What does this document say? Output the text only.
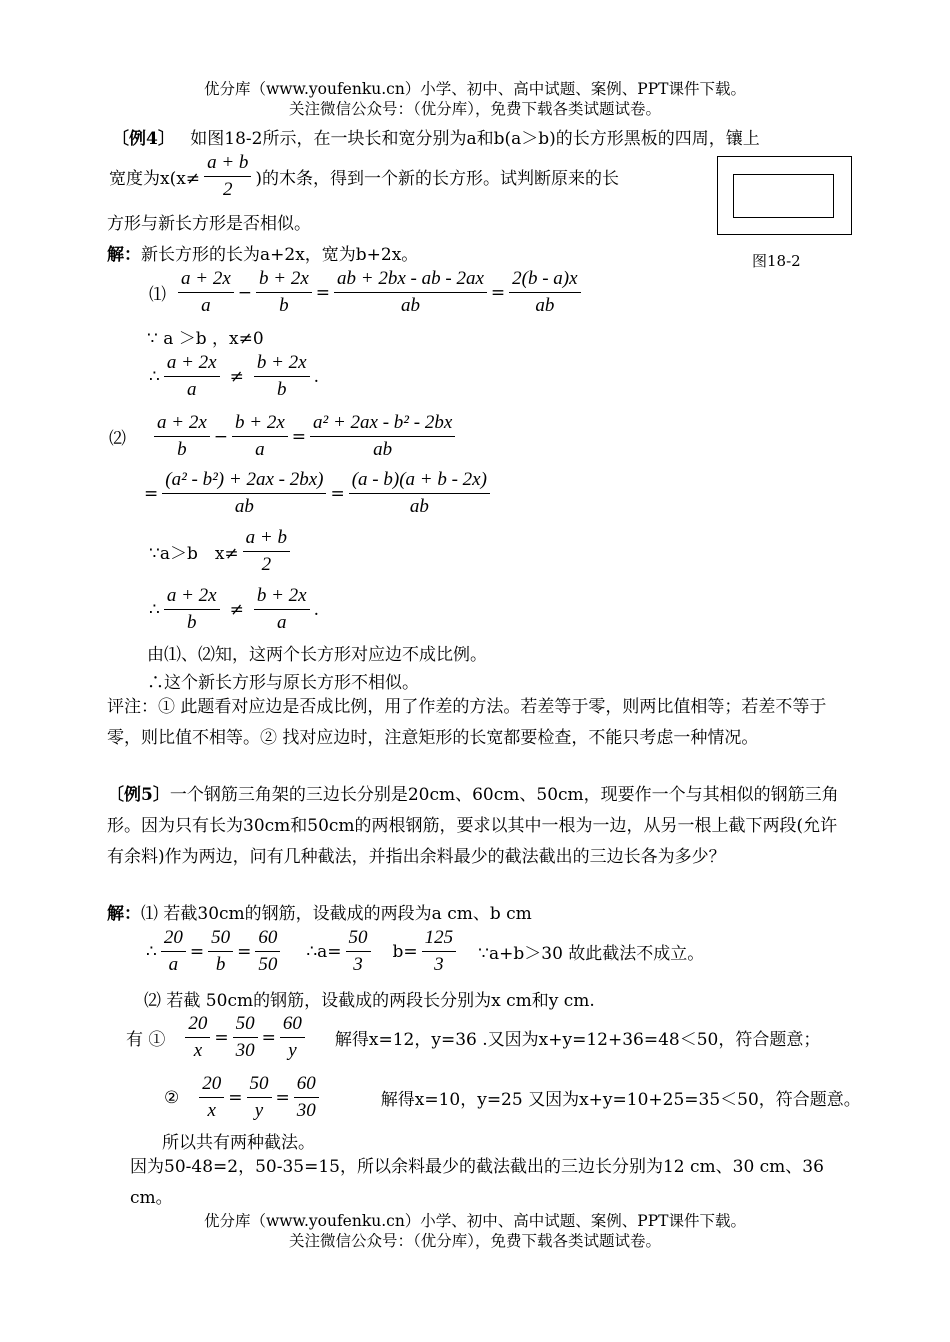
优分库（www.youfenku.cn）小学、初中、高中试题、案例、PPT课件下载。
关注微信公众号：（优分库），免费下载各类试题试卷。
〔例4〕 如图18-2所示，在一块长和宽分别为a和b(a＞b)的长方形黑板的四周，镶上
宽度为$x(x\ne \frac{a + b}{2}$ )的木条，得到一个新的长方形。试判断原来的长
方形与新长方形是否相似。
图18-2
解：新长方形的长为a+2x，宽为b+2x。
⑴ $\frac{a + 2x}{a} - \frac{b + 2x}{b} = \frac{ab + 2bx - ab - 2ax}{ab} = \frac{2(b - a)x}{ab}$
∵ a ＞b ，x≠0
∴ $\frac{a + 2x}{a} \ne \frac{b + 2x}{b}$ .
⑵ $\frac{a + 2x}{b} - \frac{b + 2x}{a} = \frac{\text{a² + 2ax - b² - 2bx}}{ab}$
= $\frac{\text{(a² - b²) + 2ax - 2bx)}}{ab} = \frac{(a - b)(a + b - 2x)}{ab}$
∵a＞b　$x\ne \frac{a + b}{2}$
∴ $\frac{a + 2x}{b} \ne \frac{b + 2x}{a}$ .
由⑴、⑵知，这两个长方形对应边不成比例。
∴这个新长方形与原长方形不相似。
评注：① 此题看对应边是否成比例，用了作差的方法。若差等于零，则两比值相等；若差不等于零，则比值不相等。② 找对应边时，注意矩形的长宽都要检查，不能只考虑一种情况。
〔例5〕一个钢筋三角架的三边长分别是20cm、60cm、50cm，现要作一个与其相似的钢筋三角形。因为只有长为30cm和50cm的两根钢筋，要求以其中一根为一边，从另一根上截下两段(允许有余料)作为两边，问有几种截法，并指出余料最少的截法截出的三边长各为多少？
解：⑴ 若截30cm的钢筋，设截成的两段为a cm、b cm
∴ $\frac{20}{a} = \frac{50}{b} = \frac{60}{50}$ ∴a= $\frac{50}{3} b= \frac{125}{3}$ ∵a+b＞30 故此截法不成立。
⑵ 若截 50cm的钢筋，设截成的两段长分别为x cm和y cm.
有 ① $\frac{20}{x} = \frac{50}{30} = \frac{60}{y}$ 解得x=12，y=36 .又因为x+y=12+36=48＜50，符合题意；
② $\frac{20}{x} = \frac{50}{y} = \frac{60}{30}$	解得x=10，y=25 又因为x+y=10+25=35＜50，符合题意。
所以共有两种截法。
因为50-48=2，50-35=15，所以余料最少的截法截出的三边长分别为12 cm、30 cm、36 cm。
优分库（www.youfenku.cn）小学、初中、高中试题、案例、PPT课件下载。
关注微信公众号：（优分库），免费下载各类试题试卷。
